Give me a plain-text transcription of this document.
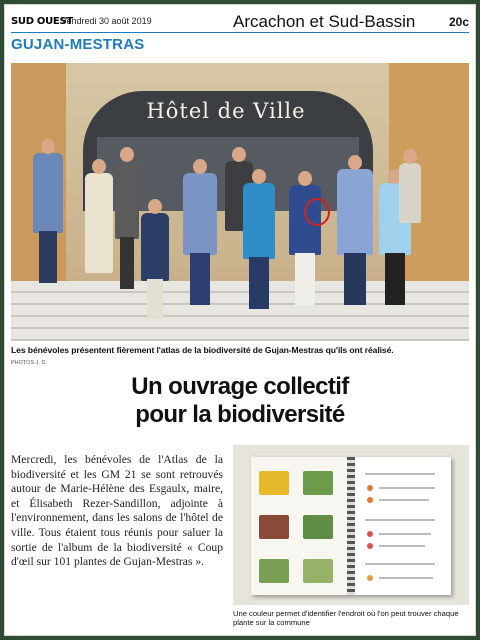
SUD OUEST
Vendredi 30 août 2019	Arcachon et Sud-Bassin	20c
GUJAN-MESTRAS
Hôtel de Ville
Les bénévoles présentent fièrement l'atlas de la biodiversité de Gujan-Mestras qu'ils ont réalisé.
PHOTOS J. D.
Un ouvrage collectif
pour la biodiversité
Mercredi, les bénévoles de l'Atlas de la biodiversité et les GM 21 se sont retrouvés autour de Marie-Hélène des Esgaulx, maire, et Élisabeth Rezer-Sandillon, adjointe à l'environnement, dans les salons de l'hôtel de ville. Tous étaient tous réunis pour saluer la sortie de l'album de la biodiversité « Coup d'œil sur 101 plantes de Gujan-Mestras ».
Une couleur permet d'identifier l'endroit où l'on peut trouver chaque plante sur la commune
